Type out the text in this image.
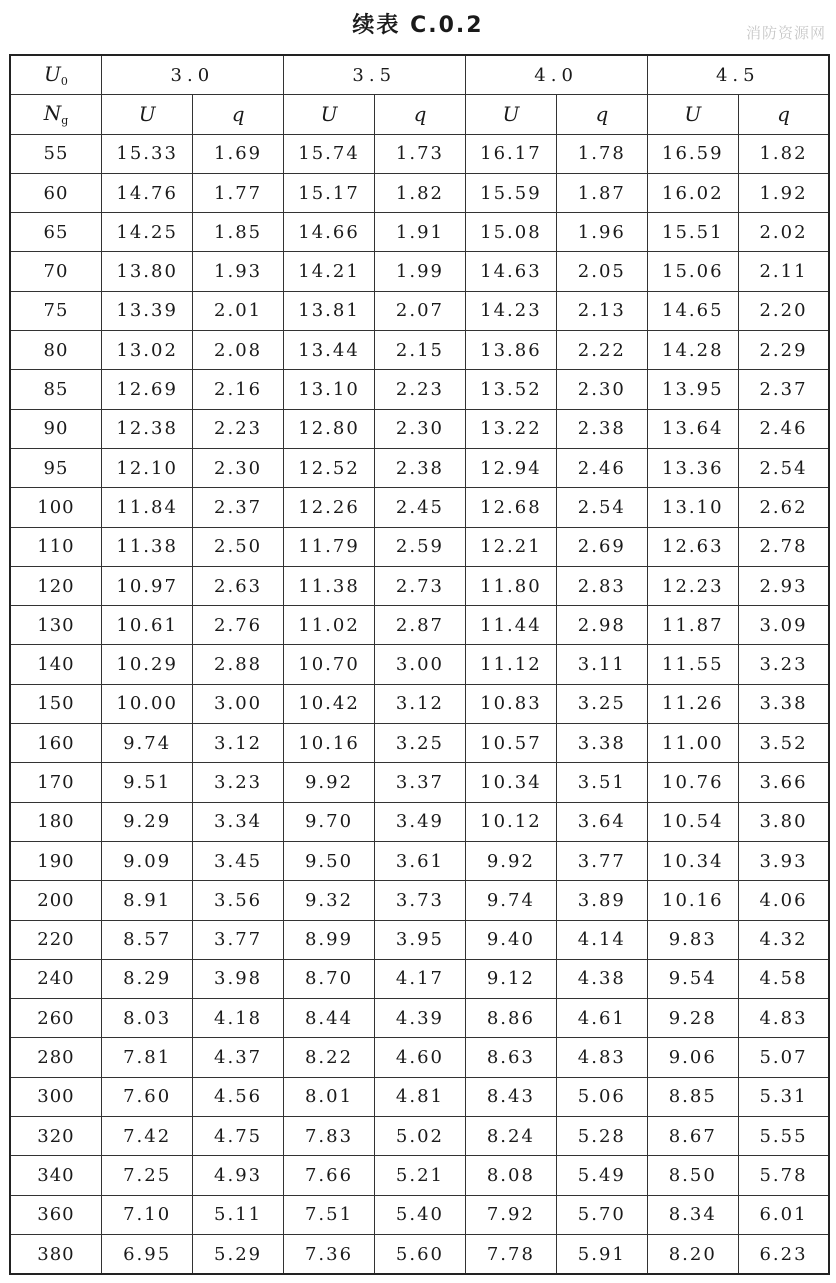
续表 C.0.2	消防资源网
$U_0$	3.0		3.5		4.0		4.5	
$N_g$	U	q	U	q	U	q	U	q
55	15.33	1.69	15.74	1.73	16.17	1.78	16.59	1.82
60	14.76	1.77	15.17	1.82	15.59	1.87	16.02	1.92
65	14.25	1.85	14.66	1.91	15.08	1.96	15.51	2.02
70	13.80	1.93	14.21	1.99	14.63	2.05	15.06	2.11
75	13.39	2.01	13.81	2.07	14.23	2.13	14.65	2.20
80	13.02	2.08	13.44	2.15	13.86	2.22	14.28	2.29
85	12.69	2.16	13.10	2.23	13.52	2.30	13.95	2.37
90	12.38	2.23	12.80	2.30	13.22	2.38	13.64	2.46
95	12.10	2.30	12.52	2.38	12.94	2.46	13.36	2.54
100	11.84	2.37	12.26	2.45	12.68	2.54	13.10	2.62
110	11.38	2.50	11.79	2.59	12.21	2.69	12.63	2.78
120	10.97	2.63	11.38	2.73	11.80	2.83	12.23	2.93
130	10.61	2.76	11.02	2.87	11.44	2.98	11.87	3.09
140	10.29	2.88	10.70	3.00	11.12	3.11	11.55	3.23
150	10.00	3.00	10.42	3.12	10.83	3.25	11.26	3.38
160	9.74	3.12	10.16	3.25	10.57	3.38	11.00	3.52
170	9.51	3.23	9.92	3.37	10.34	3.51	10.76	3.66
180	9.29	3.34	9.70	3.49	10.12	3.64	10.54	3.80
190	9.09	3.45	9.50	3.61	9.92	3.77	10.34	3.93
200	8.91	3.56	9.32	3.73	9.74	3.89	10.16	4.06
220	8.57	3.77	8.99	3.95	9.40	4.14	9.83	4.32
240	8.29	3.98	8.70	4.17	9.12	4.38	9.54	4.58
260	8.03	4.18	8.44	4.39	8.86	4.61	9.28	4.83
280	7.81	4.37	8.22	4.60	8.63	4.83	9.06	5.07
300	7.60	4.56	8.01	4.81	8.43	5.06	8.85	5.31
320	7.42	4.75	7.83	5.02	8.24	5.28	8.67	5.55
340	7.25	4.93	7.66	5.21	8.08	5.49	8.50	5.78
360	7.10	5.11	7.51	5.40	7.92	5.70	8.34	6.01
380	6.95	5.29	7.36	5.60	7.78	5.91	8.20	6.23
